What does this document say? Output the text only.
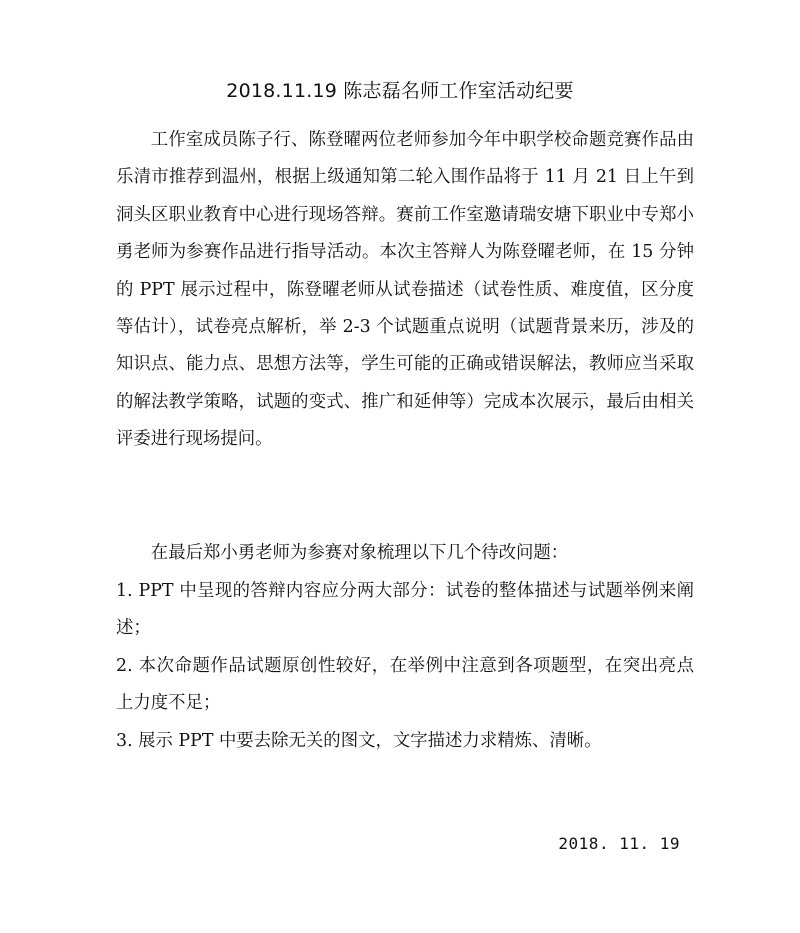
2018.11.19 陈志磊名师工作室活动纪要
工作室成员陈子行、陈登曜两位老师参加今年中职学校命题竞赛作品由乐清市推荐到温州，根据上级通知第二轮入围作品将于 11 月 21 日上午到洞头区职业教育中心进行现场答辩。赛前工作室邀请瑞安塘下职业中专郑小勇老师为参赛作品进行指导活动。本次主答辩人为陈登曜老师，在 15 分钟的 PPT 展示过程中，陈登曜老师从试卷描述（试卷性质、难度值，区分度等估计），试卷亮点解析，举 2-3 个试题重点说明（试题背景来历，涉及的知识点、能力点、思想方法等，学生可能的正确或错误解法，教师应当采取的解法教学策略，试题的变式、推广和延伸等）完成本次展示，最后由相关评委进行现场提问。
在最后郑小勇老师为参赛对象梳理以下几个待改问题：
1. PPT 中呈现的答辩内容应分两大部分：试卷的整体描述与试题举例来阐述；
2. 本次命题作品试题原创性较好，在举例中注意到各项题型，在突出亮点上力度不足；
3. 展示 PPT 中要去除无关的图文，文字描述力求精炼、清晰。
2018. 11. 19
